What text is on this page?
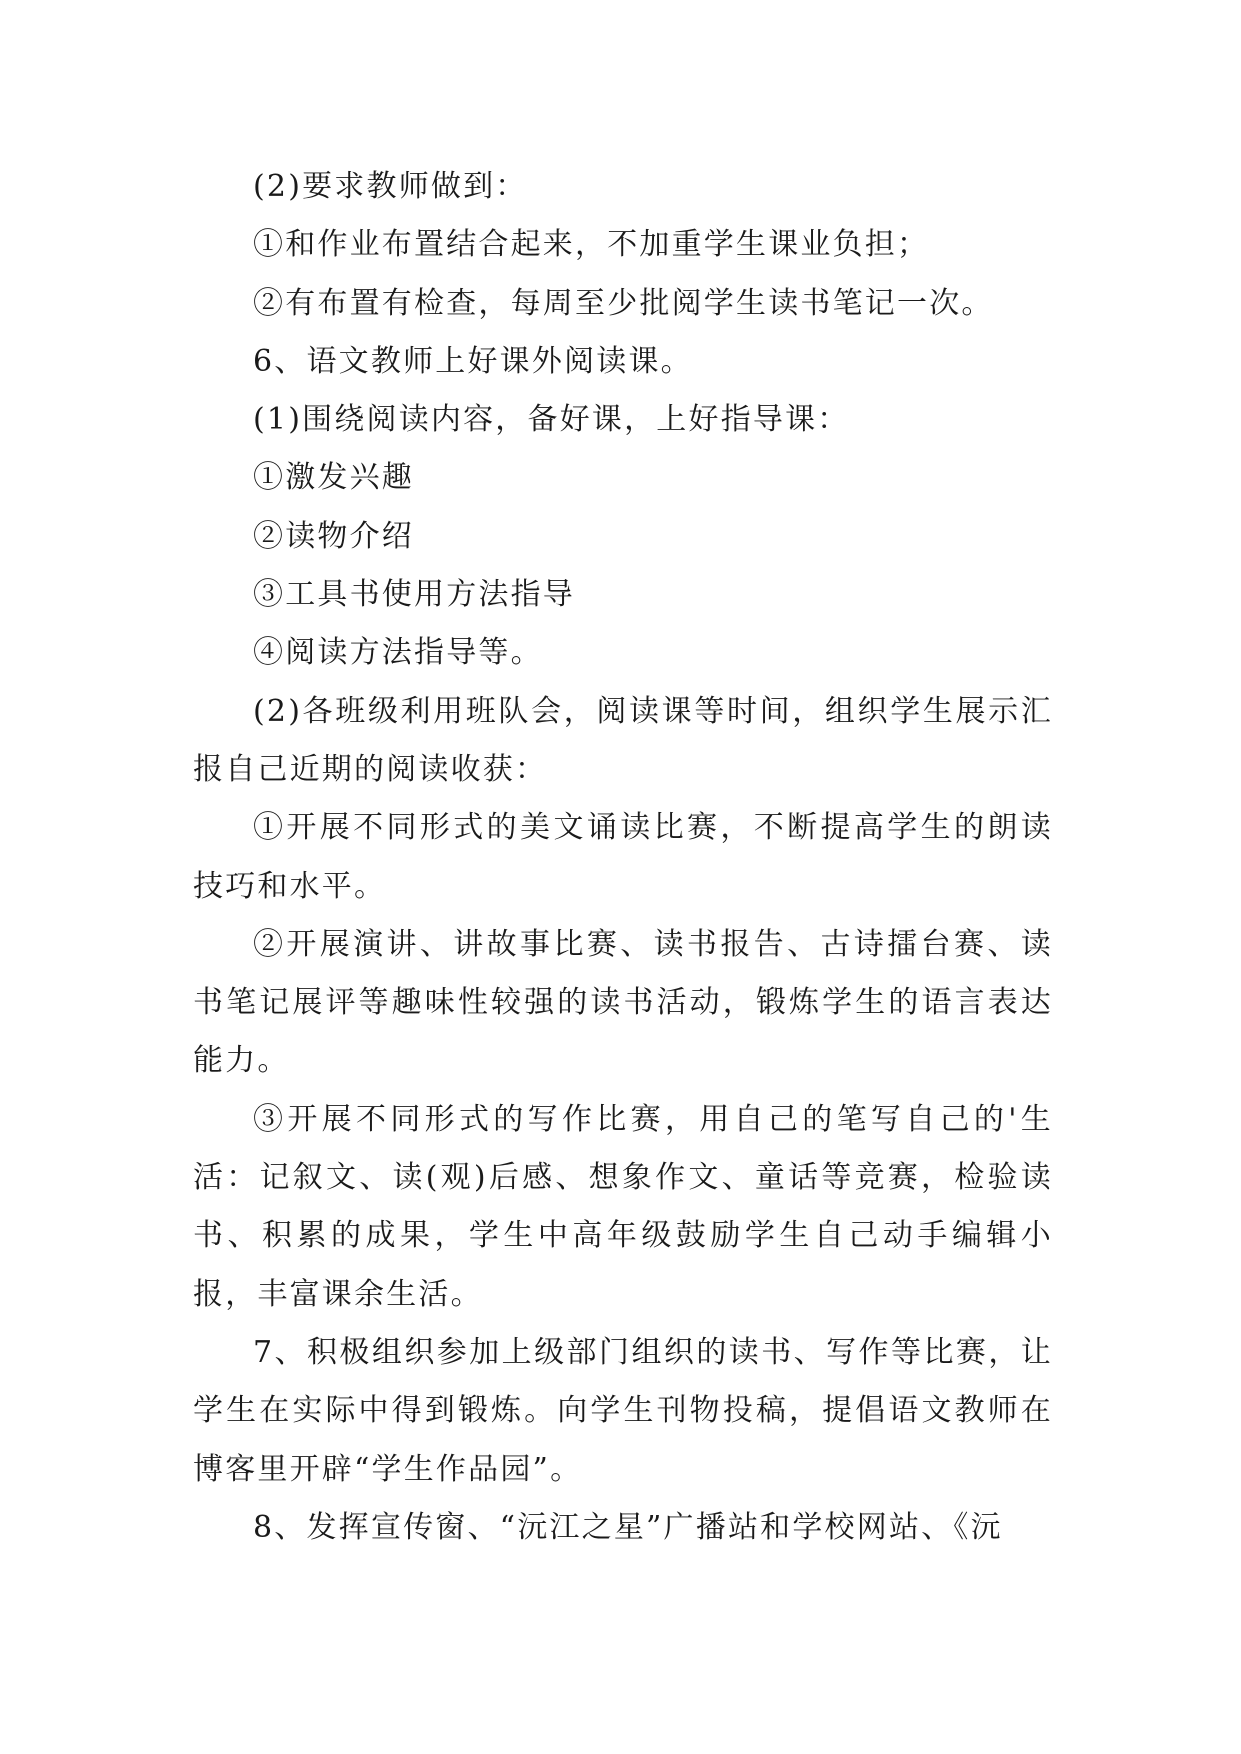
(2)要求教师做到：

①和作业布置结合起来，不加重学生课业负担；

②有布置有检查，每周至少批阅学生读书笔记一次。

6、语文教师上好课外阅读课。

(1)围绕阅读内容，备好课，上好指导课：

①激发兴趣

②读物介绍

③工具书使用方法指导

④阅读方法指导等。

(2)各班级利用班队会，阅读课等时间，组织学生展示汇报自己近期的阅读收获：

①开展不同形式的美文诵读比赛，不断提高学生的朗读技巧和水平。

②开展演讲、讲故事比赛、读书报告、古诗擂台赛、读书笔记展评等趣味性较强的读书活动，锻炼学生的语言表达能力。

③开展不同形式的写作比赛，用自己的笔写自己的'生活：记叙文、读(观)后感、想象作文、童话等竞赛，检验读书、积累的成果，学生中高年级鼓励学生自己动手编辑小报，丰富课余生活。

7、积极组织参加上级部门组织的读书、写作等比赛，让学生在实际中得到锻炼。向学生刊物投稿，提倡语文教师在博客里开辟“学生作品园”。

8、发挥宣传窗、“沅江之星”广播站和学校网站、《沅
